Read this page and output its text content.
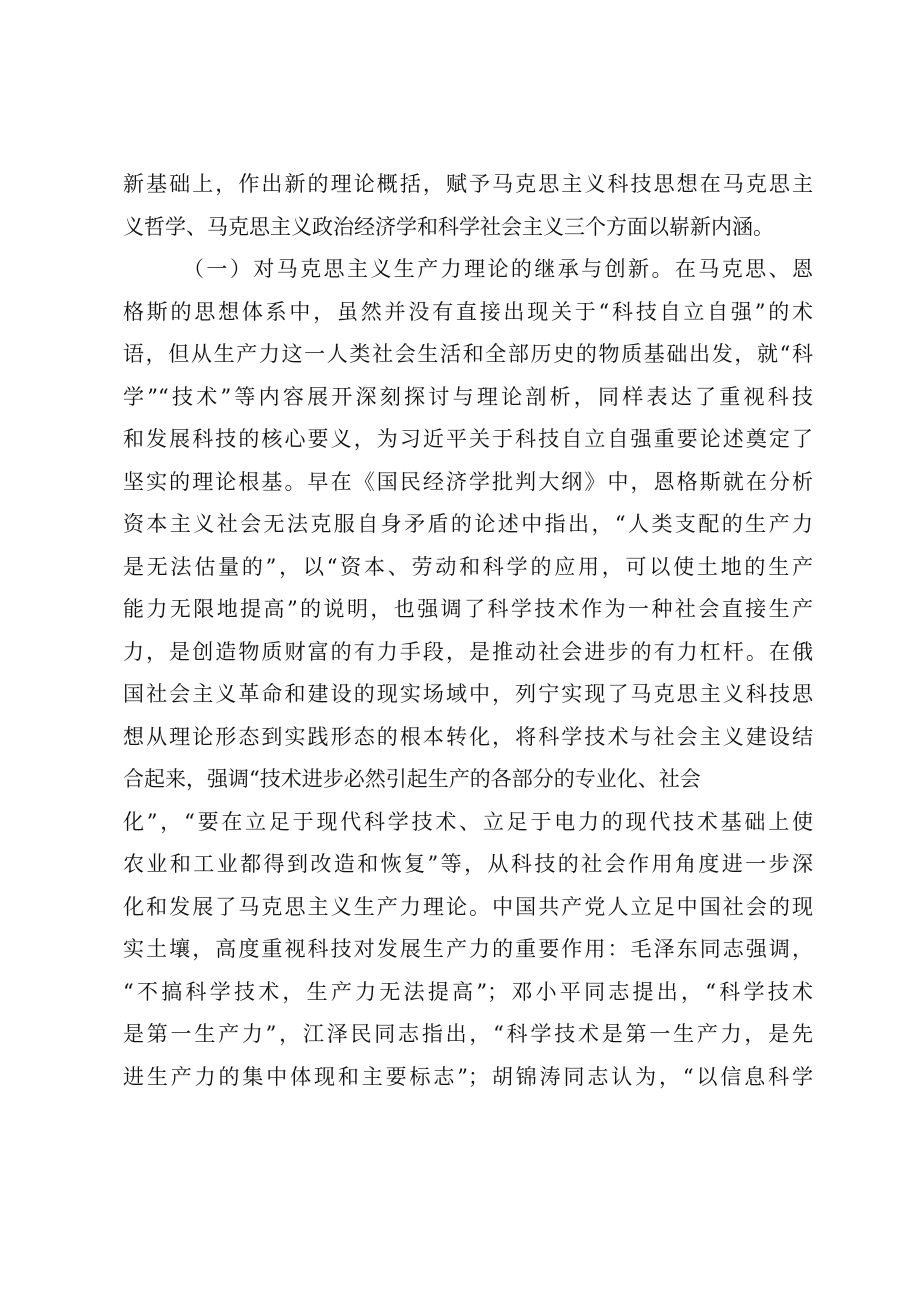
新基础上，作出新的理论概括，赋予马克思主义科技思想在马克思主
义哲学、马克思主义政治经济学和科学社会主义三个方面以崭新内涵。
（一）对马克思主义生产力理论的继承与创新。在马克思、恩
格斯的思想体系中，虽然并没有直接出现关于“科技自立自强”的术
语，但从生产力这一人类社会生活和全部历史的物质基础出发，就“科
学”“技术”等内容展开深刻探讨与理论剖析，同样表达了重视科技
和发展科技的核心要义，为习近平关于科技自立自强重要论述奠定了
坚实的理论根基。早在《国民经济学批判大纲》中，恩格斯就在分析
资本主义社会无法克服自身矛盾的论述中指出，“人类支配的生产力
是无法估量的”，以“资本、劳动和科学的应用，可以使土地的生产
能力无限地提高”的说明，也强调了科学技术作为一种社会直接生产
力，是创造物质财富的有力手段，是推动社会进步的有力杠杆。在俄
国社会主义革命和建设的现实场域中，列宁实现了马克思主义科技思
想从理论形态到实践形态的根本转化，将科学技术与社会主义建设结
合起来，强调“技术进步必然引起生产的各部分的专业化、社会
化”，“要在立足于现代科学技术、立足于电力的现代技术基础上使
农业和工业都得到改造和恢复”等，从科技的社会作用角度进一步深
化和发展了马克思主义生产力理论。中国共产党人立足中国社会的现
实土壤，高度重视科技对发展生产力的重要作用：毛泽东同志强调，
“不搞科学技术，生产力无法提高”；邓小平同志提出，“科学技术
是第一生产力”，江泽民同志指出，“科学技术是第一生产力，是先
进生产力的集中体现和主要标志”；胡锦涛同志认为，“以信息科学
